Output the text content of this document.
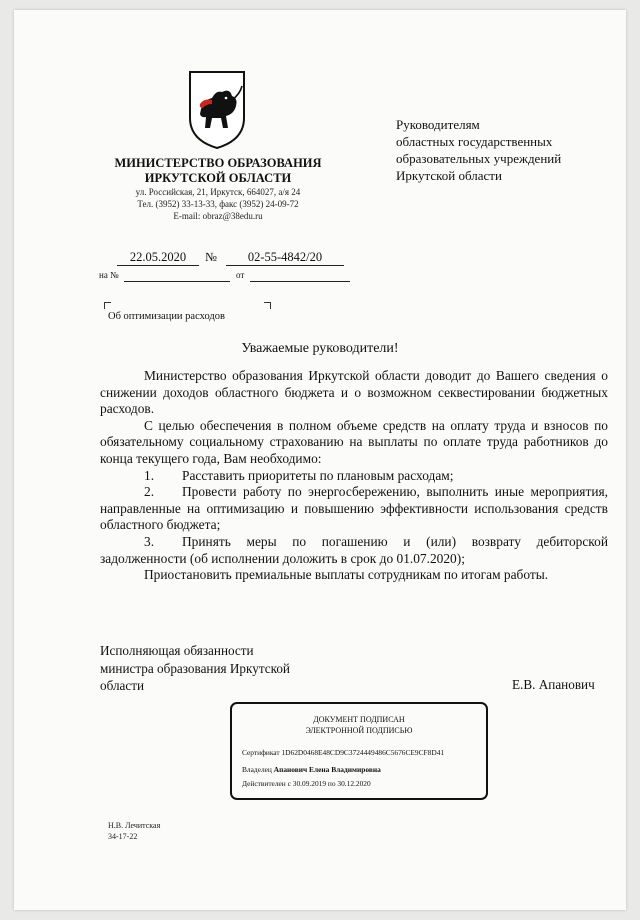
МИНИСТЕРСТВО ОБРАЗОВАНИЯ
ИРКУТСКОЙ ОБЛАСТИ
ул. Российская, 21, Иркутск, 664027, а/я 24
Тел. (3952) 33-13-33, факс (3952) 24-09-72
E-mail: obraz@38edu.ru
Руководителям
областных государственных
образовательных учреждений
Иркутской области
22.05.2020	№	02-55-4842/20
на №	от
Об оптимизации расходов
Уважаемые руководители!

Министерство образования Иркутской области доводит до Вашего сведения о снижении доходов областного бюджета и о возможном секвестировании бюджетных расходов.

С целью обеспечения в полном объеме средств на оплату труда и взносов по обязательному социальному страхованию на выплаты по оплате труда работников до конца текущего года, Вам необходимо:

1. Расставить приоритеты по плановым расходам;

2. Провести работу по энергосбережению, выполнить иные мероприятия, направленные на оптимизацию и повышению эффективности использования средств областного бюджета;

3. Принять меры по погашению и (или) возврату дебиторской задолженности (об исполнении доложить в срок до 01.07.2020);

Приостановить премиальные выплаты сотрудникам по итогам работы.

Исполняющая обязанности
министра образования Иркутской
области	Е.В. Апанович
ДОКУМЕНТ ПОДПИСАН
ЭЛЕКТРОННОЙ ПОДПИСЬЮ
Сертификат 1D62D0468E48CD9C3724449486C5676CE9CF8D41
Владелец Апанович Елена Владимировна
Действителен с 30.09.2019 по 30.12.2020
Н.В. Лечитская
34-17-22
